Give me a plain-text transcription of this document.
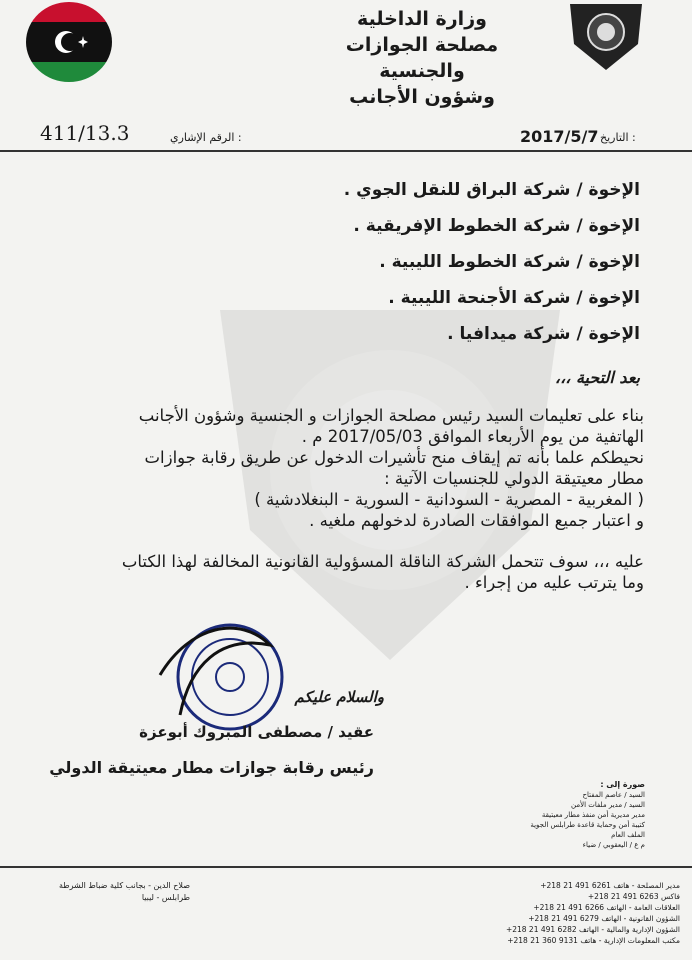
وزارة الداخلية
مصلحة الجوازات والجنسية
وشؤون الأجانب
411/13.3	الرقم الإشاري :	2017/5/7 التاريخ :
الإخوة / شركة البراق للنقل الجوي .
الإخوة / شركة الخطوط الإفريقية .
الإخوة / شركة الخطوط الليبية .
الإخوة / شركة الأجنحة الليبية .
الإخوة / شركة ميدافيا .
بعد التحية ،،،

بناء على تعليمات السيد رئيس مصلحة الجوازات و الجنسية وشؤون الأجانب

الهاتفية من يوم الأربعاء الموافق 2017/05/03 م .

نحيطكم علما بأنه تم إيقاف منح تأشيرات الدخول عن طريق رقابة جوازات

مطار معيتيقة الدولي للجنسيات الآتية :

( المغربية - المصرية - السودانية - السورية - البنغلادشية )

و اعتبار جميع الموافقات الصادرة لدخولهم ملغيه .

عليه ،،، سوف تتحمل الشركة الناقلة المسؤولية القانونية المخالفة لهذا الكتاب

وما يترتب عليه من إجراء .

والسلام عليكم
عقيد / مصطفى المبروك أبوعزة
رئيس رقابة جوازات مطار معيتيقة الدولي
صورة إلى :
السيد / عاصم المفتاح
السيد / مدير ملفات الأمن
مدير مديرية أمن منفذ مطار معيتيقة
كتيبة أمن وحماية قاعدة طرابلس الجوية
الملف العام
م ع / اليعقوبي / ضياء
صلاح الدين - بجانب كلية ضباط الشرطة
طرابلس - ليبيا
+218 21 491 6261 مدير المصلحة - هاتف
+218 21 491 6263 فاكس
+218 21 491 6266 العلاقات العامة - الهاتف
+218 21 491 6279 الشؤون القانونية - الهاتف
+218 21 491 6282 الشؤون الإدارية والمالية - الهاتف
+218 21 360 9131 مكتب المعلومات الإدارية - هاتف
